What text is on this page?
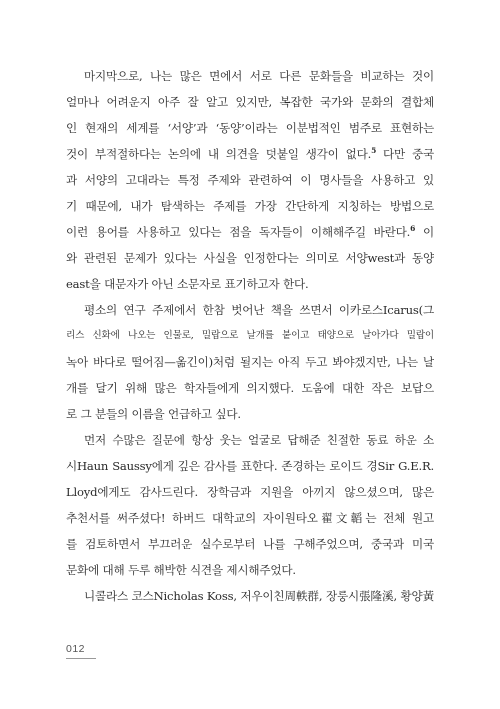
마지막으로, 나는 많은 면에서 서로 다른 문화들을 비교하는 것이
얼마나 어려운지 아주 잘 알고 있지만, 복잡한 국가와 문화의 결합체
인 현재의 세계를 ‘서양’과 ‘동양’이라는 이분법적인 범주로 표현하는
것이 부적절하다는 논의에 내 의견을 덧붙일 생각이 없다.$^5$ 다만 중국
과 서양의 고대라는 특정 주제와 관련하여 이 명사들을 사용하고 있
기 때문에, 내가 탐색하는 주제를 가장 간단하게 지칭하는 방법으로
이런 용어를 사용하고 있다는 점을 독자들이 이해해주길 바란다.$^6$ 이
와 관련된 문제가 있다는 사실을 인정한다는 의미로 서양west과 동양
east을 대문자가 아닌 소문자로 표기하고자 한다.
평소의 연구 주제에서 한참 벗어난 책을 쓰면서 이카로스Icarus(그
리스 신화에 나오는 인물로, 밀랍으로 날개를 붙이고 태양으로 날아가다 밀랍이
녹아 바다로 떨어짐—옮긴이)처럼 될지는 아직 두고 봐야겠지만, 나는 날
개를 달기 위해 많은 학자들에게 의지했다. 도움에 대한 작은 보답으
로 그 분들의 이름을 언급하고 싶다.
먼저 수많은 질문에 항상 웃는 얼굴로 답해준 친절한 동료 하운 소
시Haun Saussy에게 깊은 감사를 표한다. 존경하는 로이드 경Sir G.E.R.
Lloyd에게도 감사드린다. 장학금과 지원을 아끼지 않으셨으며, 많은
추천서를 써주셨다! 하버드 대학교의 자이원타오翟文韜는 전체 원고
를 검토하면서 부끄러운 실수로부터 나를 구해주었으며, 중국과 미국
문화에 대해 두루 해박한 식견을 제시해주었다.
니콜라스 코스Nicholas Koss, 저우이친周軼群, 장룽시張隆溪, 황양黃
012
